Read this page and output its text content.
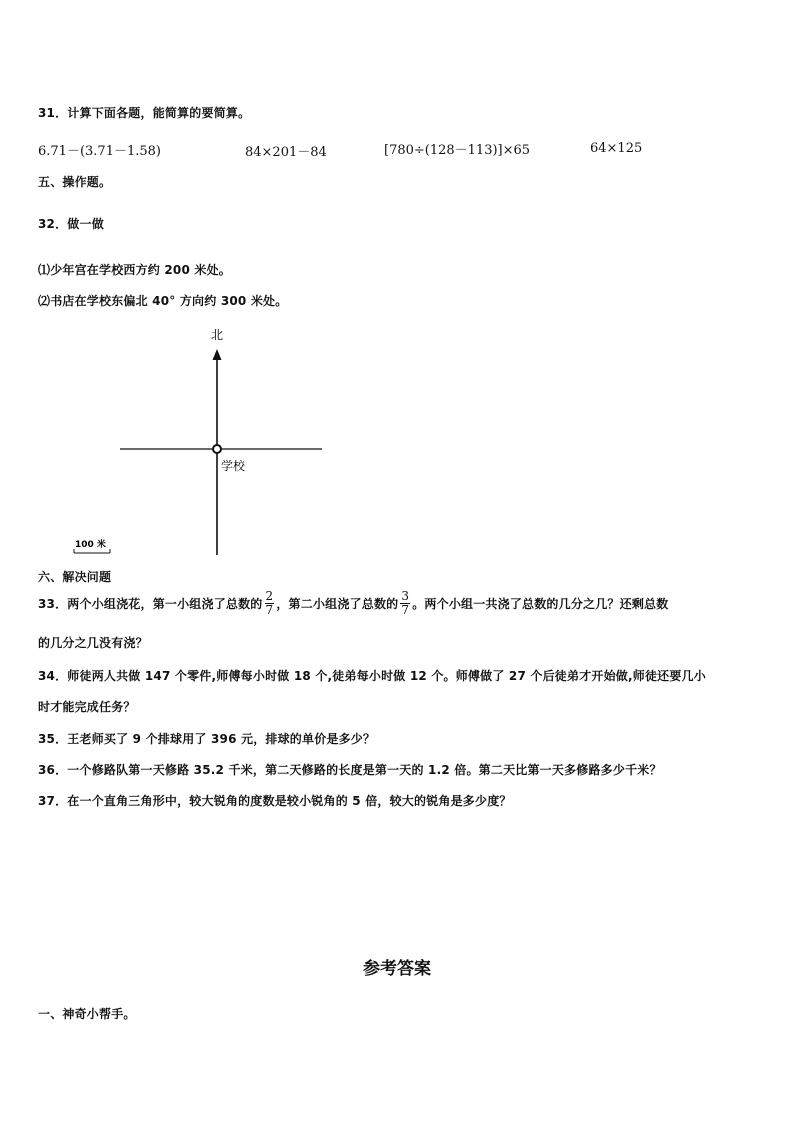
31．计算下面各题，能简算的要简算。
6.71－(3.71－1.58)	84×201－84	[780÷(128－113)]×65	64×125
五、操作题。
32．做一做
⑴少年宫在学校西方约 200 米处。
⑵书店在学校东偏北 40° 方向约 300 米处。
北
学校
100 米
六、解决问题
33．两个小组浇花，第一小组浇了总数的 $\frac{2}{7}$ ，第二小组浇了总数的 $\frac{3}{7}$ 。两个小组一共浇了总数的几分之几？还剩总数
的几分之几没有浇？
34．师徒两人共做 147 个零件,师傅每小时做 18 个,徒弟每小时做 12 个。师傅做了 27 个后徒弟才开始做,师徒还要几小
时才能完成任务？
35．王老师买了 9 个排球用了 396 元，排球的单价是多少？
36．一个修路队第一天修路 35.2 千米，第二天修路的长度是第一天的 1.2 倍。第二天比第一天多修路多少千米？
37．在一个直角三角形中，较大锐角的度数是较小锐角的 5 倍，较大的锐角是多少度？
参考答案
一、神奇小帮手。
